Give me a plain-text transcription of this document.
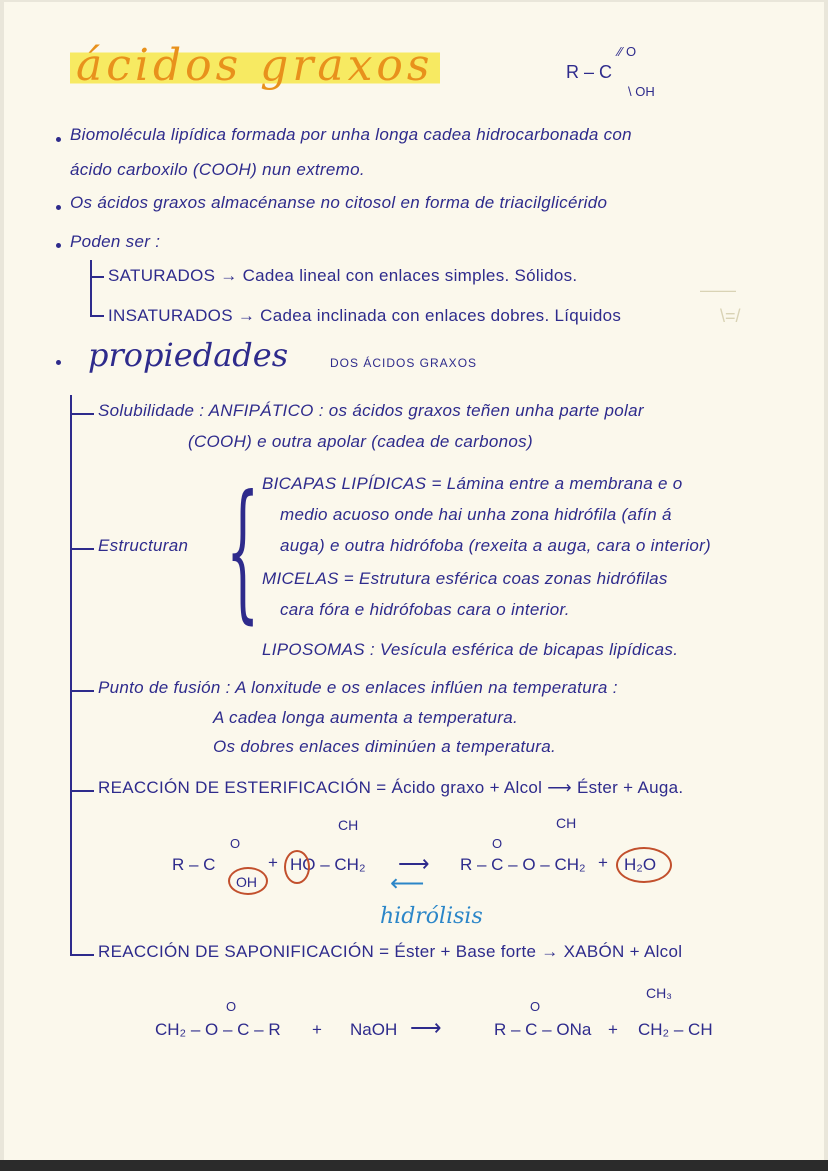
ácidos graxos	R – C
⁄⁄ O
\ OH
Biomolécula lipídica formada por unha longa cadea hidrocarbonada con
ácido carboxilo (COOH) nun extremo.
Os ácidos graxos almacénanse no citosol en forma de triacilglicérido
Poden ser :
SATURADOS → Cadea lineal con enlaces simples. Sólidos.
INSATURADOS → Cadea inclinada con enlaces dobres. Líquidos
——
\=/
propiedades	DOS ÁCIDOS GRAXOS
Solubilidade : ANFIPÁTICO : os ácidos graxos teñen unha parte polar
(COOH) e outra apolar (cadea de carbonos)
Estructuran { BICAPAS LIPÍDICAS = Lámina entre a membrana e o
medio acuoso onde hai unha zona hidrófila (afín á
auga) e outra hidrófoba (rexeita a auga, cara o interior)
MICELAS = Estrutura esférica coas zonas hidrófilas
cara fóra e hidrófobas cara o interior.
LIPOSOMAS : Vesícula esférica de bicapas lipídicas.
Punto de fusión : A lonxitude e os enlaces inflúen na temperatura :
A cadea longa aumenta a temperatura.
Os dobres enlaces diminúen a temperatura.
REACCIÓN DE ESTERIFICACIÓN = Ácido graxo + Alcol ⟶ Éster + Auga.
R – C
O
OH
+ HO – CH₂
CH
⟶ R – C – O – CH₂
O
CH
+ H₂O
⟵
hidrólisis
REACCIÓN DE SAPONIFICACIÓN = Éster + Base forte → XABÓN + Alcol
CH₂ – O – C – R
O
+ NaOH ⟶	R – C – ONa
O
+ CH₂ – CH
CH₃
